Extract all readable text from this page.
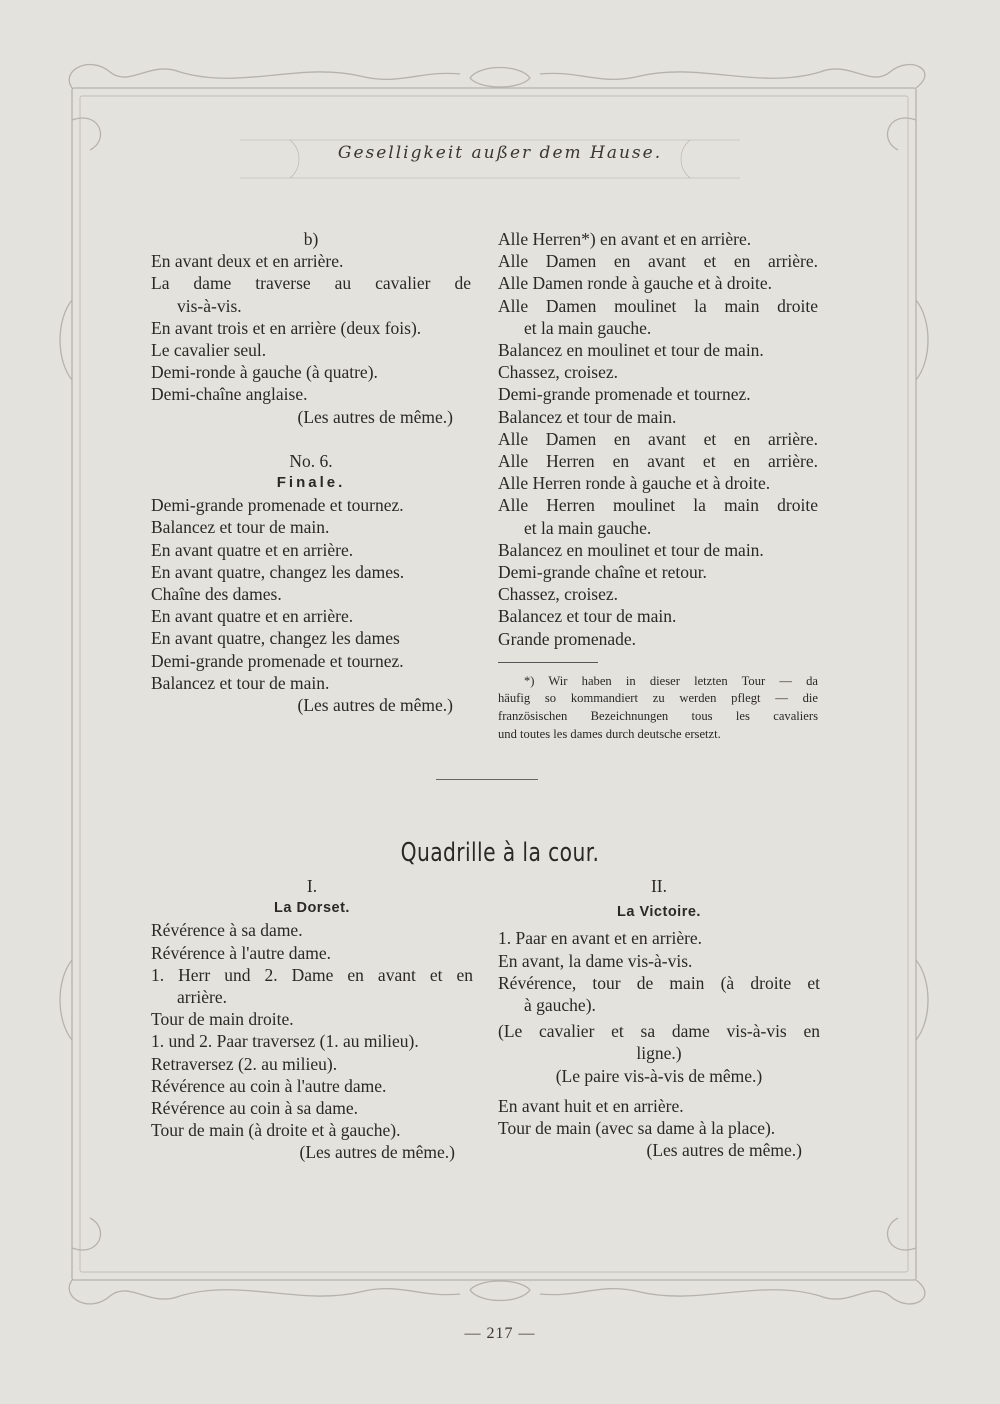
Geselligkeit außer dem Hause.
b)
En avant deux et en arrière.
La dame traverse au cavalier de
vis-à-vis.
En avant trois et en arrière (deux fois).
Le cavalier seul.
Demi-ronde à gauche (à quatre).
Demi-chaîne anglaise.
(Les autres de même.)
No. 6.
Finale.
Demi-grande promenade et tournez.
Balancez et tour de main.
En avant quatre et en arrière.
En avant quatre, changez les dames.
Chaîne des dames.
En avant quatre et en arrière.
En avant quatre, changez les dames
Demi-grande promenade et tournez.
Balancez et tour de main.
(Les autres de même.)
Alle Herren*) en avant et en arrière.
Alle Damen en avant et en arrière.
Alle Damen ronde à gauche et à droite.
Alle Damen moulinet la main droite
et la main gauche.
Balancez en moulinet et tour de main.
Chassez, croisez.
Demi-grande promenade et tournez.
Balancez et tour de main.
Alle Damen en avant et en arrière.
Alle Herren en avant et en arrière.
Alle Herren ronde à gauche et à droite.
Alle Herren moulinet la main droite
et la main gauche.
Balancez en moulinet et tour de main.
Demi-grande chaîne et retour.
Chassez, croisez.
Balancez et tour de main.
Grande promenade.
*) Wir haben in dieser letzten Tour — da
häufig so kommandiert zu werden pflegt — die
französischen Bezeichnungen tous les cavaliers
und toutes les dames durch deutsche ersetzt.
Quadrille à la cour.
I.
La Dorset.
Révérence à sa dame.
Révérence à l'autre dame.
1. Herr und 2. Dame en avant et en
arrière.
Tour de main droite.
1. und 2. Paar traversez (1. au milieu).
Retraversez (2. au milieu).
Révérence au coin à l'autre dame.
Révérence au coin à sa dame.
Tour de main (à droite et à gauche).
(Les autres de même.)
II.
La Victoire.
1. Paar en avant et en arrière.
En avant, la dame vis-à-vis.
Révérence, tour de main (à droite et
à gauche).
(Le cavalier et sa dame vis-à-vis en
ligne.)
(Le paire vis-à-vis de même.)
En avant huit et en arrière.
Tour de main (avec sa dame à la place).
(Les autres de même.)
— 217 —
